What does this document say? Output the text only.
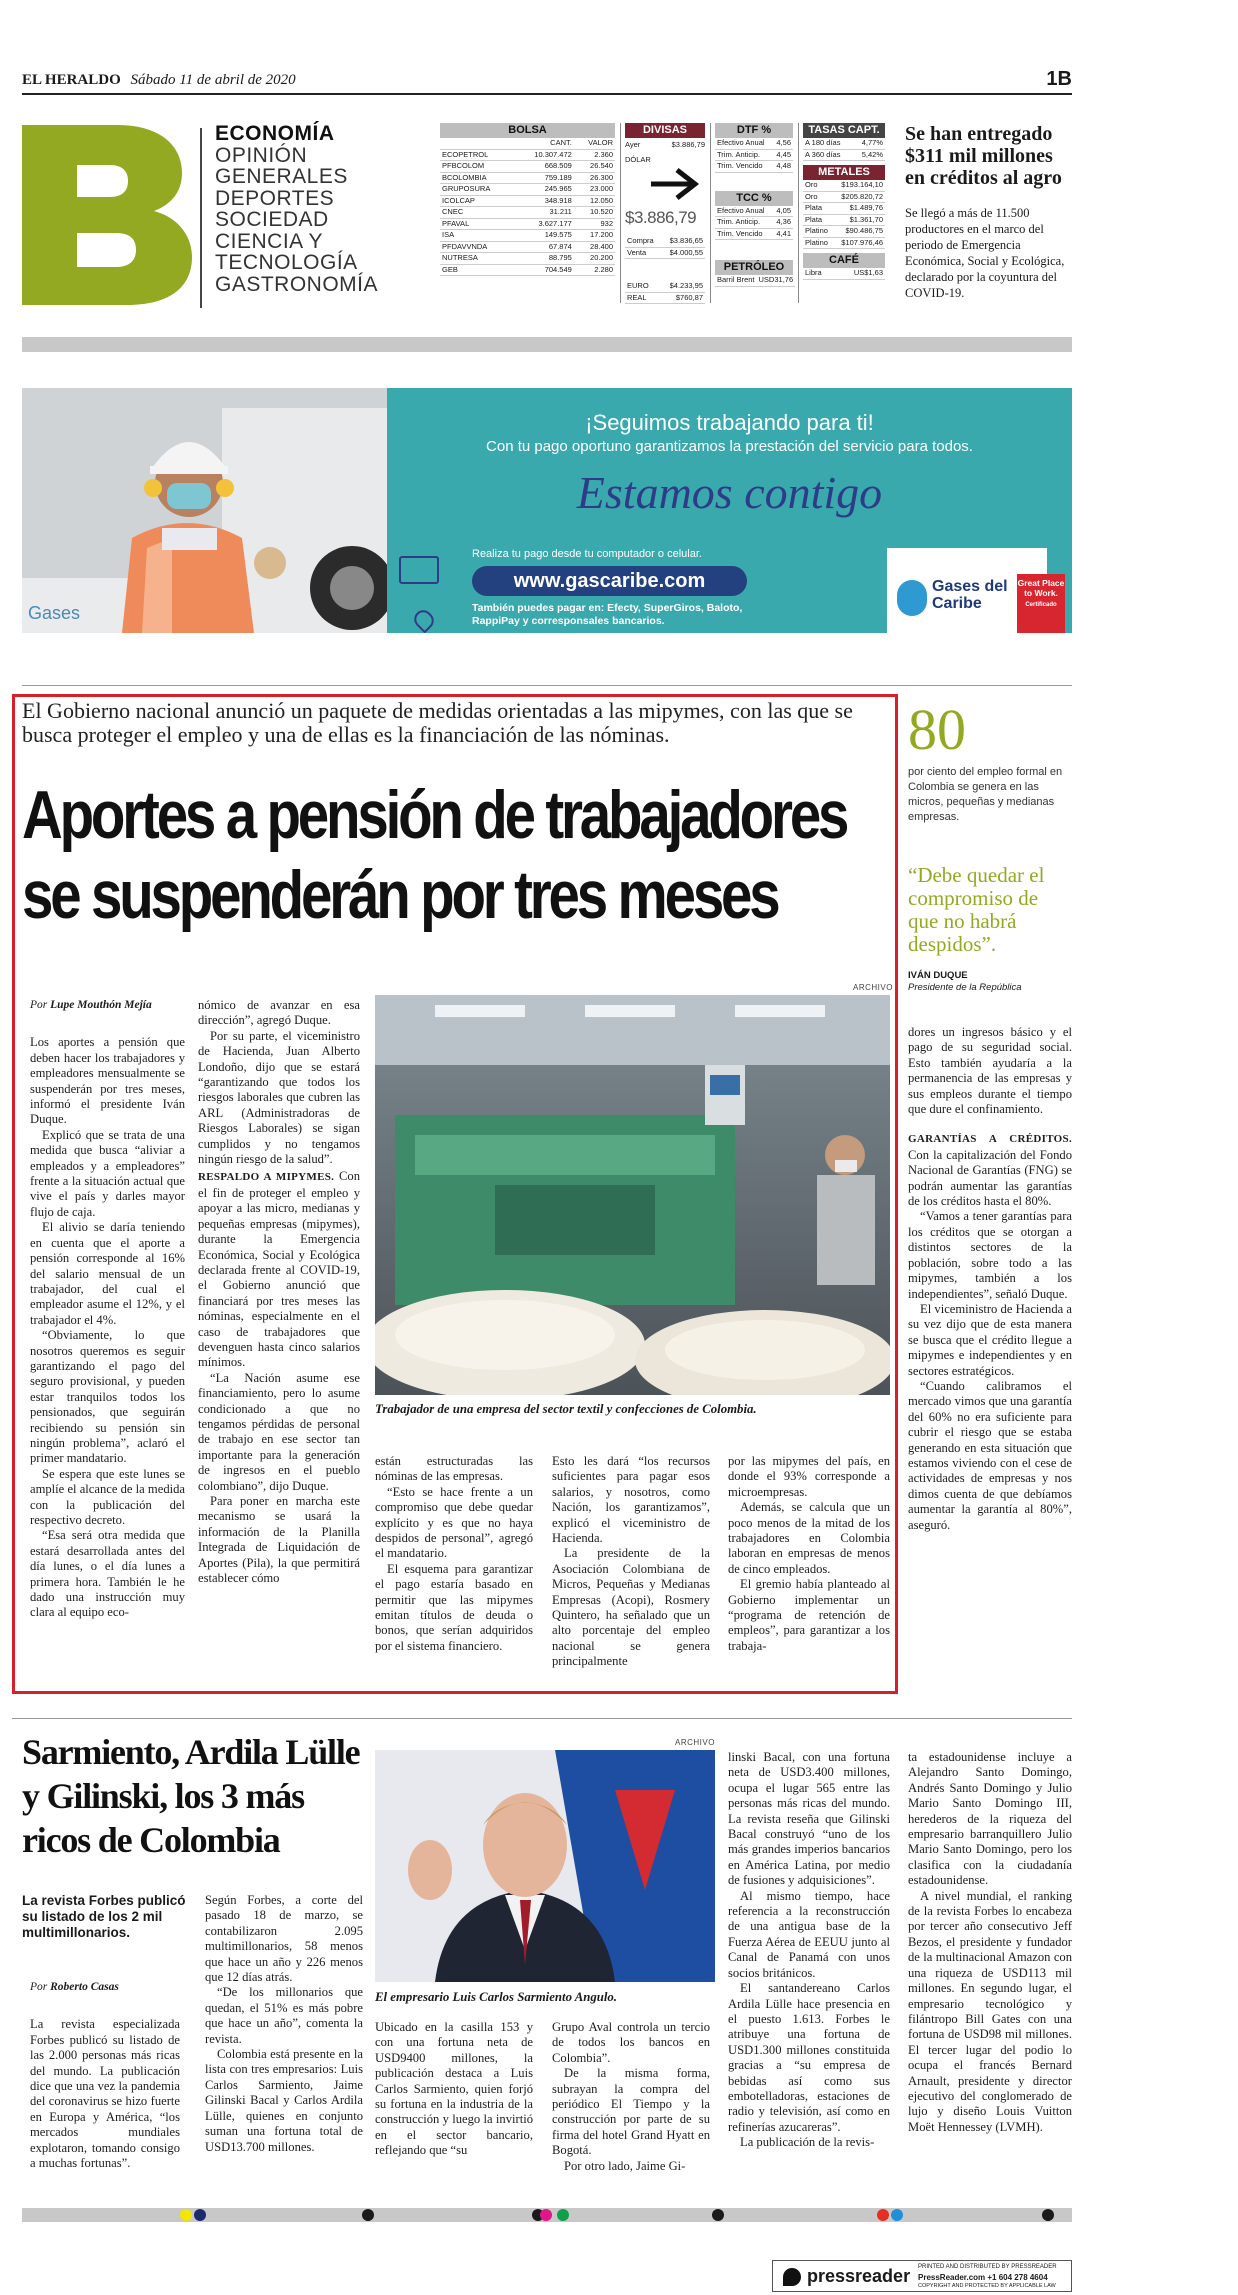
EL HERALDO Sábado 11 de abril de 2020	1B
ECONOMÍA
OPINIÓN
GENERALES
DEPORTES
SOCIEDAD
CIENCIA Y
TECNOLOGÍA
GASTRONOMÍA
BOLSA
	CANT.	VALOR
ECOPETROL	10.307.472	2.360
PFBCOLOM	668.509	26.540
BCOLOMBIA	759.189	26.300
GRUPOSURA	245.965	23.000
ICOLCAP	348.918	12.050
CNEC	31.211	10.520
PFAVAL	3.627.177	932
ISA	149.575	17.200
PFDAVVNDA	67.874	28.400
NUTRESA	88.795	20.200
GEB	704.549	2.280
DIVISAS
Ayer	$3.886,79
DÓLAR
$3.886,79
Compra	$3.836,65
Venta	$4.000,55
EURO	$4.233,95
REAL	$760,87
DTF %
Efectivo Anual	4,56
Trim. Anticip.	4,45
Trim. Vencido	4,48
TCC %
Efectivo Anual	4,05
Trim. Anticip.	4,36
Trim. Vencido	4,41
PETRÓLEO
Barril Brent	USD31,76
TASAS CAPT.
A 180 días	4,77%
A 360 días	5,42%
METALES
Oro	$193.164,10
Oro	$205.820,72
Plata	$1.489,76
Plata	$1.361,70
Platino	$90.486,75
Platino	$107.976,46
CAFÉ
Libra	US$1,63
Se han entregado $311 mil millones en créditos al agro
Se llegó a más de 11.500 productores en el marco del periodo de Emergencia Económica, Social y Ecológica, declarado por la coyuntura del COVID-19.
Gases
¡Seguimos trabajando para ti!
Con tu pago oportuno garantizamos la prestación del servicio para todos.
Estamos contigo
Realiza tu pago desde tu computador o celular.
www.gascaribe.com
También puedes pagar en: Efecty, SuperGiros, Baloto, RappiPay y corresponsales bancarios.
Gases del Caribe
Great Place to Work.
Certificado
El Gobierno nacional anunció un paquete de medidas orientadas a las mipymes, con las que se busca proteger el empleo y una de ellas es la financiación de las nóminas.
Aportes a pensión de trabajadores se suspenderán por tres meses
Por Lupe Mouthón Mejía

Los aportes a pensión que deben hacer los trabajadores y empleadores mensualmente se suspenderán por tres meses, informó el presidente Iván Duque.

Explicó que se trata de una medida que busca “aliviar a empleados y a empleadores” frente a la situación actual que vive el país y darles mayor flujo de caja.

El alivio se daría teniendo en cuenta que el aporte a pensión corresponde al 16% del salario mensual de un trabajador, del cual el empleador asume el 12%, y el trabajador el 4%.

“Obviamente, lo que nosotros queremos es seguir garantizando el pago del seguro provisional, y pueden estar tranquilos todos los pensionados, que seguirán recibiendo su pensión sin ningún problema”, aclaró el primer mandatario.

Se espera que este lunes se amplíe el alcance de la medida con la publicación del respectivo decreto.

“Esa será otra medida que estará desarrollada antes del día lunes, o el día lunes a primera hora. También le he dado una instrucción muy clara al equipo eco-

nómico de avanzar en esa dirección”, agregó Duque.

Por su parte, el viceministro de Hacienda, Juan Alberto Londoño, dijo que se estará “garantizando que todos los riesgos laborales que cubren las ARL (Administradoras de Riesgos Laborales) se sigan cumplidos y no tengamos ningún riesgo de la salud”.

RESPALDO A MIPYMES. Con el fin de proteger el empleo y apoyar a las micro, medianas y pequeñas empresas (mipymes), durante la Emergencia Económica, Social y Ecológica declarada frente al COVID-19, el Gobierno anunció que financiará por tres meses las nóminas, especialmente en el caso de trabajadores que devenguen hasta cinco salarios mínimos.

“La Nación asume ese financiamiento, pero lo asume condicionado a que no tengamos pérdidas de personal de trabajo en ese sector tan importante para la generación de ingresos en el pueblo colombiano”, dijo Duque.

Para poner en marcha este mecanismo se usará la información de la Planilla Integrada de Liquidación de Aportes (Pila), la que permitirá establecer cómo

ARCHIVO
Trabajador de una empresa del sector textil y confecciones de Colombia.

están estructuradas las nóminas de las empresas.

“Esto se hace frente a un compromiso que debe quedar explícito y es que no haya despidos de personal”, agregó el mandatario.

El esquema para garantizar el pago estaría basado en permitir que las mipymes emitan títulos de deuda o bonos, que serían adquiridos por el sistema financiero.

Esto les dará “los recursos suficientes para pagar esos salarios, y nosotros, como Nación, los garantizamos”, explicó el viceministro de Hacienda.

La presidente de la Asociación Colombiana de Micros, Pequeñas y Medianas Empresas (Acopi), Rosmery Quintero, ha señalado que un alto porcentaje del empleo nacional se genera principalmente

por las mipymes del país, en donde el 93% corresponde a microempresas.

Además, se calcula que un poco menos de la mitad de los trabajadores en Colombia laboran en empresas de menos de cinco empleados.

El gremio había planteado al Gobierno implementar un “programa de retención de empleos”, para garantizar a los trabaja-

80
por ciento del empleo formal en Colombia se genera en las micros, pequeñas y medianas empresas.
“Debe quedar el compromiso de que no habrá despidos”.
IVÁN DUQUE
Presidente de la República

dores un ingresos básico y el pago de su seguridad social. Esto también ayudaría a la permanencia de las empresas y sus empleos durante el tiempo que dure el confinamiento.

GARANTÍAS A CRÉDITOS. Con la capitalización del Fondo Nacional de Garantías (FNG) se podrán aumentar las garantías de los créditos hasta el 80%.

“Vamos a tener garantías para los créditos que se otorgan a distintos sectores de la población, sobre todo a las mipymes, también a los independientes”, señaló Duque.

El viceministro de Hacienda a su vez dijo que de esta manera se busca que el crédito llegue a mipymes e independientes y en sectores estratégicos.

“Cuando calibramos el mercado vimos que una garantía del 60% no era suficiente para cubrir el riesgo que se estaba generando en esta situación que estamos viviendo con el cese de actividades de empresas y nos dimos cuenta de que debíamos aumentar la garantía al 80%”, aseguró.

Sarmiento, Ardila Lülle y Gilinski, los 3 más ricos de Colombia
La revista Forbes publicó su listado de los 2 mil multimillonarios.
Por Roberto Casas

La revista especializada Forbes publicó su listado de las 2.000 personas más ricas del mundo. La publicación dice que una vez la pandemia del coronavirus se hizo fuerte en Europa y América, “los mercados mundiales explotaron, tomando consigo a muchas fortunas”.

Según Forbes, a corte del pasado 18 de marzo, se contabilizaron 2.095 multimillonarios, 58 menos que hace un año y 226 menos que 12 días atrás.

“De los millonarios que quedan, el 51% es más pobre que hace un año”, comenta la revista.

Colombia está presente en la lista con tres empresarios: Luis Carlos Sarmiento, Jaime Gilinski Bacal y Carlos Ardila Lülle, quienes en conjunto suman una fortuna total de USD13.700 millones.

ARCHIVO
El empresario Luis Carlos Sarmiento Angulo.

Ubicado en la casilla 153 y con una fortuna neta de USD9400 millones, la publicación destaca a Luis Carlos Sarmiento, quien forjó su fortuna en la industria de la construcción y luego la invirtió en el sector bancario, reflejando que “su

Grupo Aval controla un tercio de todos los bancos en Colombia”.

De la misma forma, subrayan la compra del periódico El Tiempo y la construcción por parte de su firma del hotel Grand Hyatt en Bogotá.

Por otro lado, Jaime Gi-

linski Bacal, con una fortuna neta de USD3.400 millones, ocupa el lugar 565 entre las personas más ricas del mundo. La revista reseña que Gilinski Bacal construyó “uno de los más grandes imperios bancarios en América Latina, por medio de fusiones y adquisiciones”.

Al mismo tiempo, hace referencia a la reconstrucción de una antigua base de la Fuerza Aérea de EEUU junto al Canal de Panamá con unos socios británicos.

El santandereano Carlos Ardila Lülle hace presencia en el puesto 1.613. Forbes le atribuye una fortuna de USD1.300 millones constituida gracias a “su empresa de bebidas así como sus embotelladoras, estaciones de radio y televisión, así como en refinerías azucareras”.

La publicación de la revis-

ta estadounidense incluye a Alejandro Santo Domingo, Andrés Santo Domingo y Julio Mario Santo Domingo III, herederos de la riqueza del empresario barranquillero Julio Mario Santo Domingo, pero los clasifica con la ciudadanía estadounidense.

A nivel mundial, el ranking de la revista Forbes lo encabeza por tercer año consecutivo Jeff Bezos, el presidente y fundador de la multinacional Amazon con una riqueza de USD113 mil millones. En segundo lugar, el empresario tecnológico y filántropo Bill Gates con una fortuna de USD98 mil millones. El tercer lugar del podio lo ocupa el francés Bernard Arnault, presidente y director ejecutivo del conglomerado de lujo y diseño Louis Vuitton Moët Hennessey (LVMH).

pressreader PRINTED AND DISTRIBUTED BY PRESSREADER
PressReader.com +1 604 278 4604
COPYRIGHT AND PROTECTED BY APPLICABLE LAW
